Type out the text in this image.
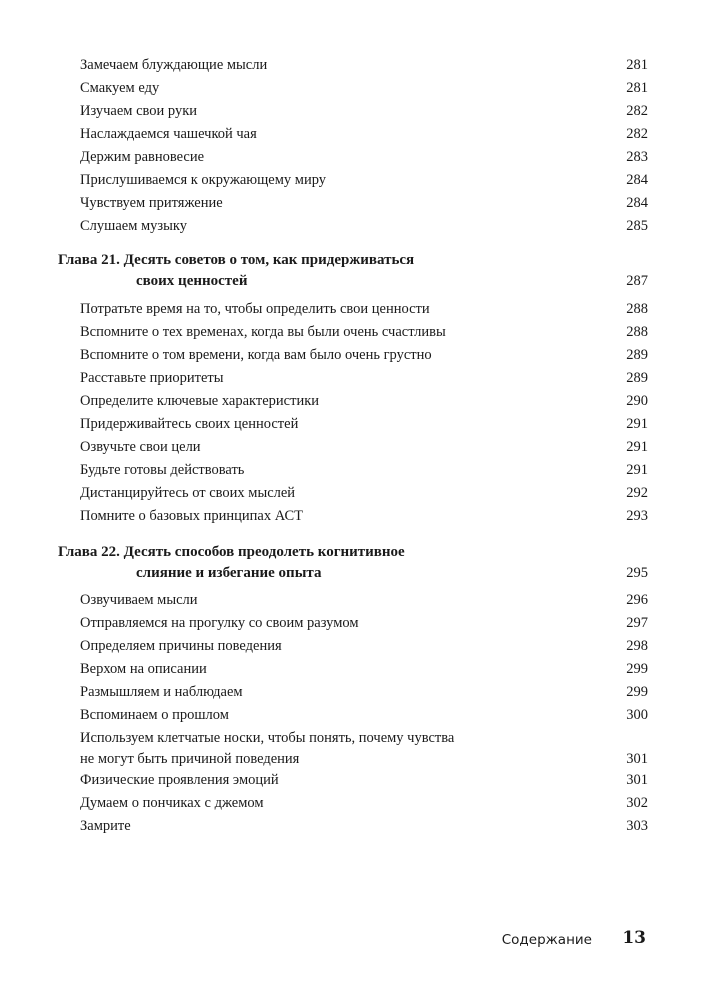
Замечаем блуждающие мысли	281
Смакуем еду	281
Изучаем свои руки	282
Наслаждаемся чашечкой чая	282
Держим равновесие	283
Прислушиваемся к окружающему миру	284
Чувствуем притяжение	284
Слушаем музыку	285
Глава 21. Десять советов о том, как придерживаться
своих ценностей	287
Потратьте время на то, чтобы определить свои ценности	288
Вспомните о тех временах, когда вы были очень счастливы	288
Вспомните о том времени, когда вам было очень грустно	289
Расставьте приоритеты	289
Определите ключевые характеристики	290
Придерживайтесь своих ценностей	291
Озвучьте свои цели	291
Будьте готовы действовать	291
Дистанцируйтесь от своих мыслей	292
Помните о базовых принципах АСТ	293
Глава 22. Десять способов преодолеть когнитивное
слияние и избегание опыта	295
Озвучиваем мысли	296
Отправляемся на прогулку со своим разумом	297
Определяем причины поведения	298
Верхом на описании	299
Размышляем и наблюдаем	299
Вспоминаем о прошлом	300
Используем клетчатые носки, чтобы понять, почему чувства
не могут быть причиной поведения	301
Физические проявления эмоций	301
Думаем о пончиках с джемом	302
Замрите	303
Содержание 13
